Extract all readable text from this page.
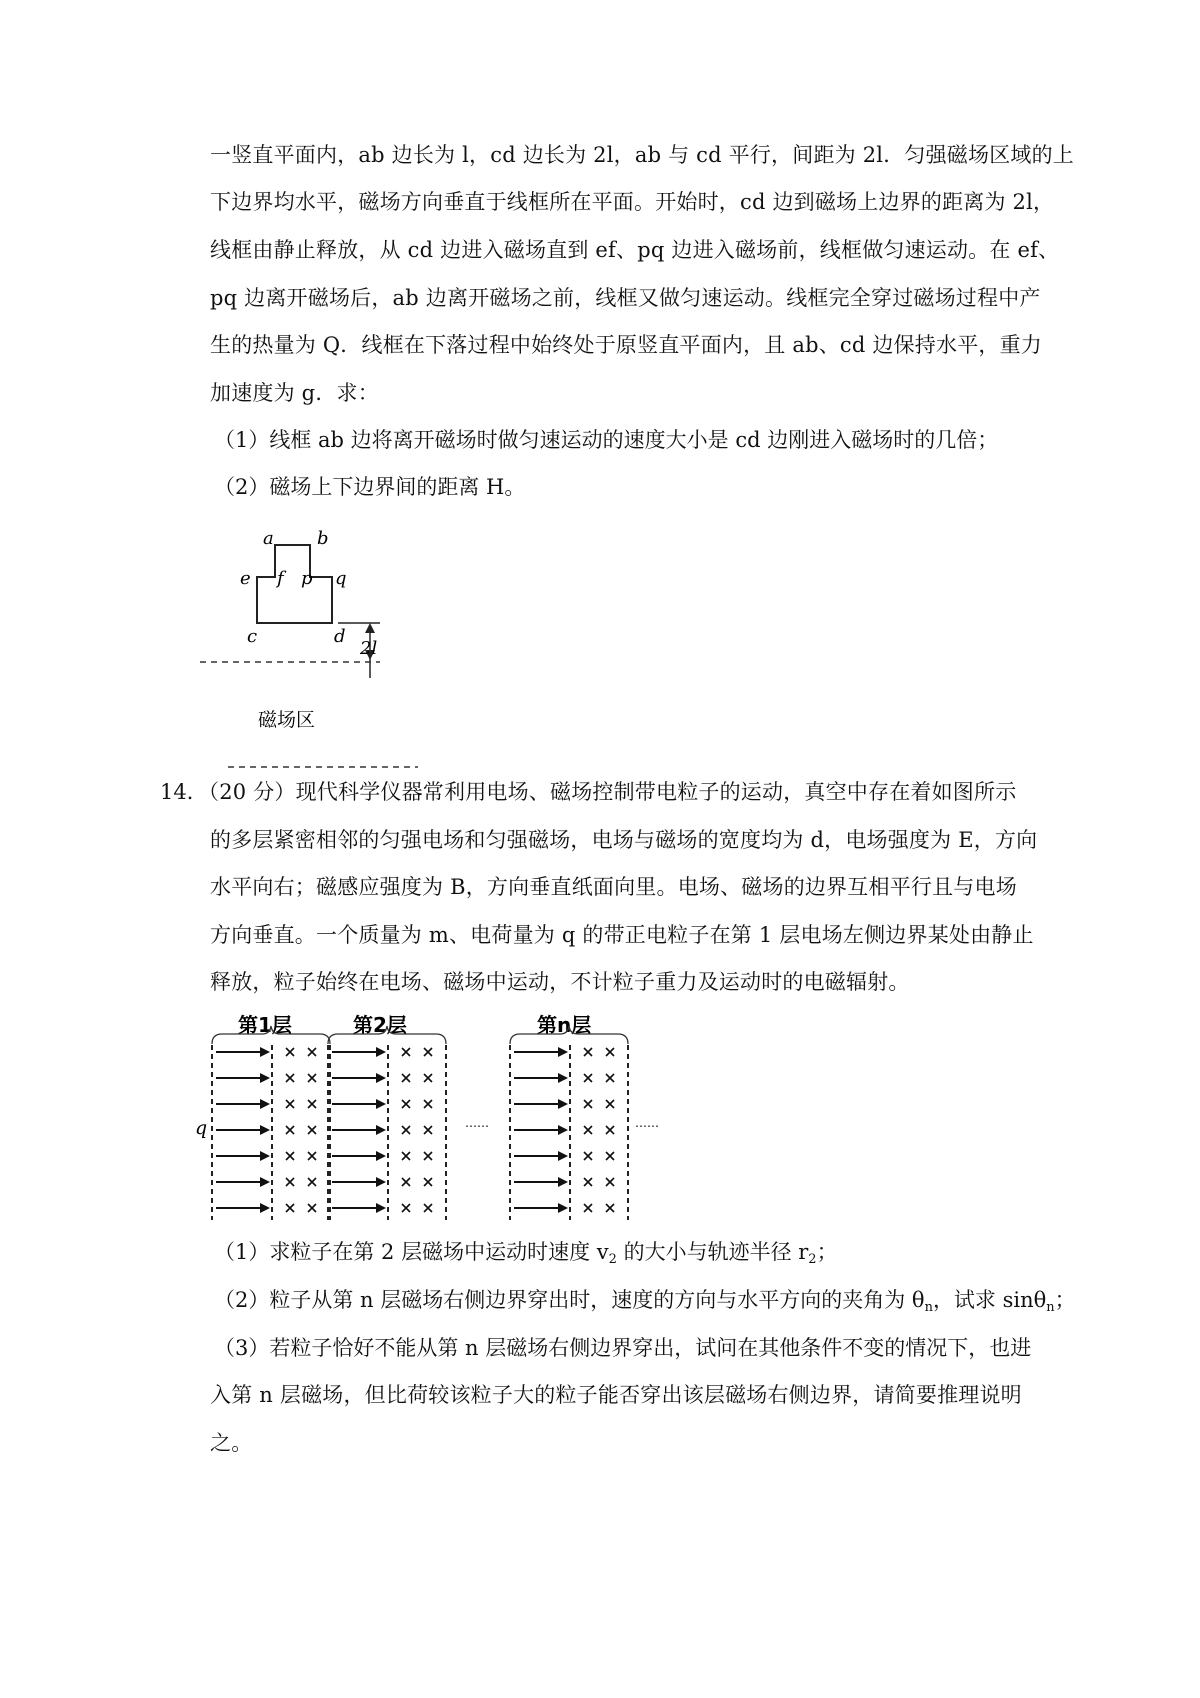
一竖直平面内，ab 边长为 l，cd 边长为 2l，ab 与 cd 平行，间距为 2l．匀强磁场区域的上
下边界均水平，磁场方向垂直于线框所在平面。开始时，cd 边到磁场上边界的距离为 2l，
线框由静止释放，从 cd 边进入磁场直到 ef、pq 边进入磁场前，线框做匀速运动。在 ef、
pq 边离开磁场后，ab 边离开磁场之前，线框又做匀速运动。线框完全穿过磁场过程中产
生的热量为 Q．线框在下落过程中始终处于原竖直平面内，且 ab、cd 边保持水平，重力
加速度为 g．求：
（1）线框 ab 边将离开磁场时做匀速运动的速度大小是 cd 边刚进入磁场时的几倍；
（2）磁场上下边界间的距离 H。
a b
e f p q
c	d
2l
磁场区
14．
（20 分）现代科学仪器常利用电场、磁场控制带电粒子的运动，真空中存在着如图所示
的多层紧密相邻的匀强电场和匀强磁场，电场与磁场的宽度均为 d，电场强度为 E，方向
水平向右；磁感应强度为 B，方向垂直纸面向里。电场、磁场的边界互相平行且与电场
方向垂直。一个质量为 m、电荷量为 q 的带正电粒子在第 1 层电场左侧边界某处由静止
释放，粒子始终在电场、磁场中运动，不计粒子重力及运动时的电磁辐射。
第1层	第2层	第n层
q	……	……
（1）求粒子在第 2 层磁场中运动时速度 $v_2$ 的大小与轨迹半径 $r_2$；
（2）粒子从第 n 层磁场右侧边界穿出时，速度的方向与水平方向的夹角为 $\theta_n$，试求 sinθ$_n$；
（3）若粒子恰好不能从第 n 层磁场右侧边界穿出，试问在其他条件不变的情况下，也进
入第 n 层磁场，但比荷较该粒子大的粒子能否穿出该层磁场右侧边界，请简要推理说明
之。
